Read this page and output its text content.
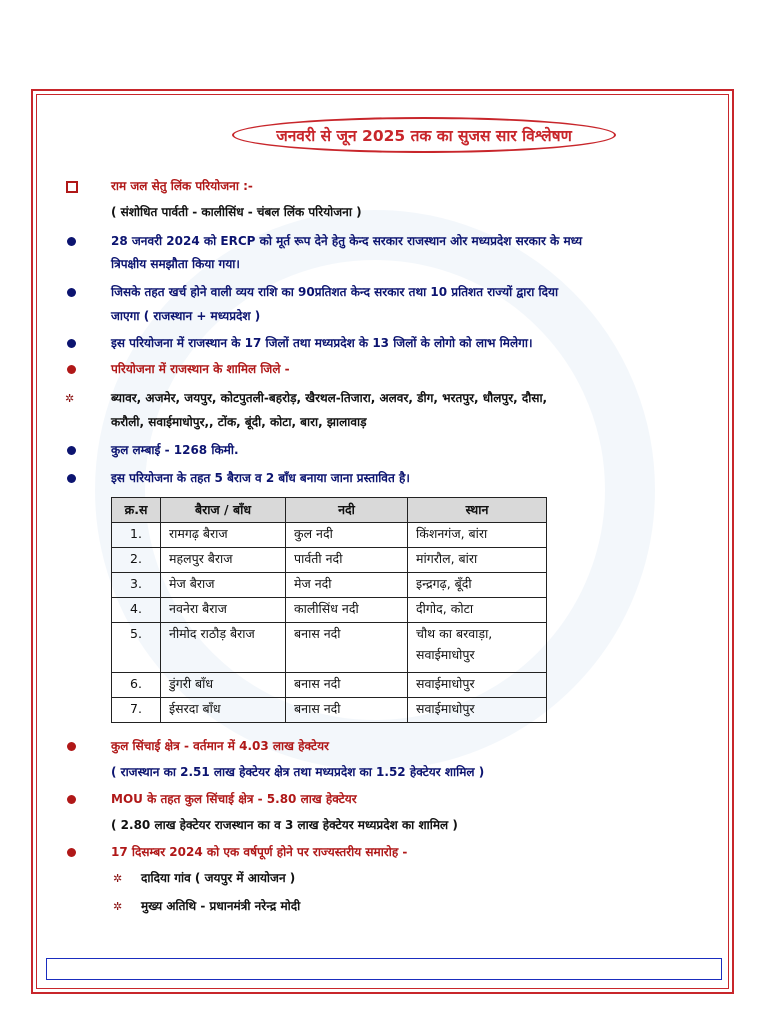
जनवरी से जून 2025 तक का सुजस सार विश्लेषण
राम जल सेतु लिंक परियोजना :-
( संशोधित पार्वती - कालीसिंध - चंबल लिंक परियोजना )
28 जनवरी 2024 को ERCP को मूर्त रूप देने हेतु केन्द सरकार राजस्थान ओर मध्यप्रदेश सरकार के मध्य
त्रिपक्षीय समझौता किया गया।
जिसके तहत खर्च होने वाली व्यय राशि का 90प्रतिशत केन्द सरकार तथा 10 प्रतिशत राज्यों द्वारा दिया
जाएगा ( राजस्थान + मध्यप्रदेश )
इस परियोजना में राजस्थान के 17 जिलों तथा मध्यप्रदेश के 13 जिलों के लोगो को लाभ मिलेगा।
परियोजना में राजस्थान के शामिल जिले -
✲	ब्यावर, अजमेर, जयपुर, कोटपुतली-बहरोड़, खैरथल-तिजारा, अलवर, डीग, भरतपुर, धौलपुर, दौसा,
करौली, सवाईमाधोपुर,, टोंक, बूंदी, कोटा, बारा, झालावाड़
कुल लम्बाई - 1268 किमी.
इस परियोजना के तहत 5 बैराज व 2 बाँध बनाया जाना प्रस्तावित है।
क्र.स	बैराज / बाँध	नदी	स्थान
1.	रामगढ़ बैराज	कुल नदी	किंशनगंज, बांरा
2.	महलपुर बैराज	पार्वती नदी	मांगरौल, बांरा
3.	मेज बैराज	मेज नदी	इन्द्रगढ़, बूँदी
4.	नवनेरा बैराज	कालीसिंध नदी	दीगोद, कोटा
5.	नीमोद राठौड़ बैराज	बनास नदी	चौथ का बरवाड़ा, सवाईमाधोपुर
6.	डुंगरी बाँध	बनास नदी	सवाईमाधोपुर
7.	ईसरदा बाँध	बनास नदी	सवाईमाधोपुर
कुल सिंचाई क्षेत्र - वर्तमान में 4.03 लाख हेक्टेयर
( राजस्थान का 2.51 लाख हेक्टेयर क्षेत्र तथा मध्यप्रदेश का 1.52 हेक्टेयर शामिल )
MOU के तहत कुल सिंचाई क्षेत्र - 5.80 लाख हेक्टेयर
( 2.80 लाख हेक्टेयर राजस्थान का व 3 लाख हेक्टेयर मध्यप्रदेश का शामिल )
17 दिसम्बर 2024 को एक वर्षपूर्ण होने पर राज्यस्तरीय समारोह -
✲ दादिया गांव ( जयपुर में आयोजन )
✲ मुख्य अतिथि - प्रधानमंत्री नरेन्द्र मोदी
